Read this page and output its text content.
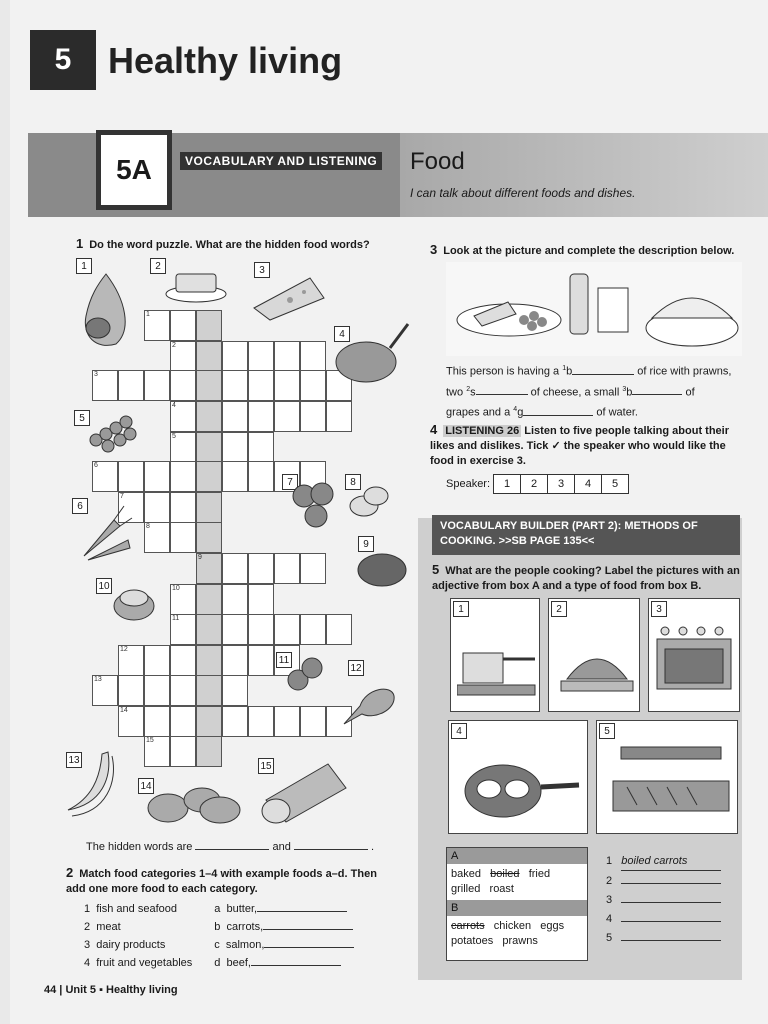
5	Healthy living
5A	VOCABULARY AND LISTENING Food
I can talk about different foods and dishes.
1 Do the word puzzle. What are the hidden food words?
1
2
3
4
5
6
7
8
9
10
11
12
13
14
15
1	2	3
4
5
6
7	8
9
10
11
12
13
14
15
The hidden words are	and	.
2 Match food categories 1–4 with example foods a–d. Then add one more food to each category.
1 fish and seafood	a butter,
2 meat	b carrots,
3 dairy products	c salmon,
4 fruit and vegetables d beef,
3 Look at the picture and complete the description below.
This person is having a $^1$b	of rice with prawns,
two $^2$s	of cheese, a small $^3$b	of
grapes and a $^4$g	of water.
4 LISTENING 26 Listen to five people talking about their likes and dislikes. Tick ✓ the speaker who would like the food in exercise 3.
Speaker:	1	2	3	4	5
VOCABULARY BUILDER (PART 2): METHODS OF
COOKING. >>SB PAGE 135<<
5 What are the people cooking? Label the pictures with an adjective from box A and a type of food from box B.
1	2	3
4	5
A
baked boiled fried
grilled roast
B
carrots chicken eggs
potatoes prawns
1 boiled carrots
2
3
4
5
44 | Unit 5 ▪ Healthy living
